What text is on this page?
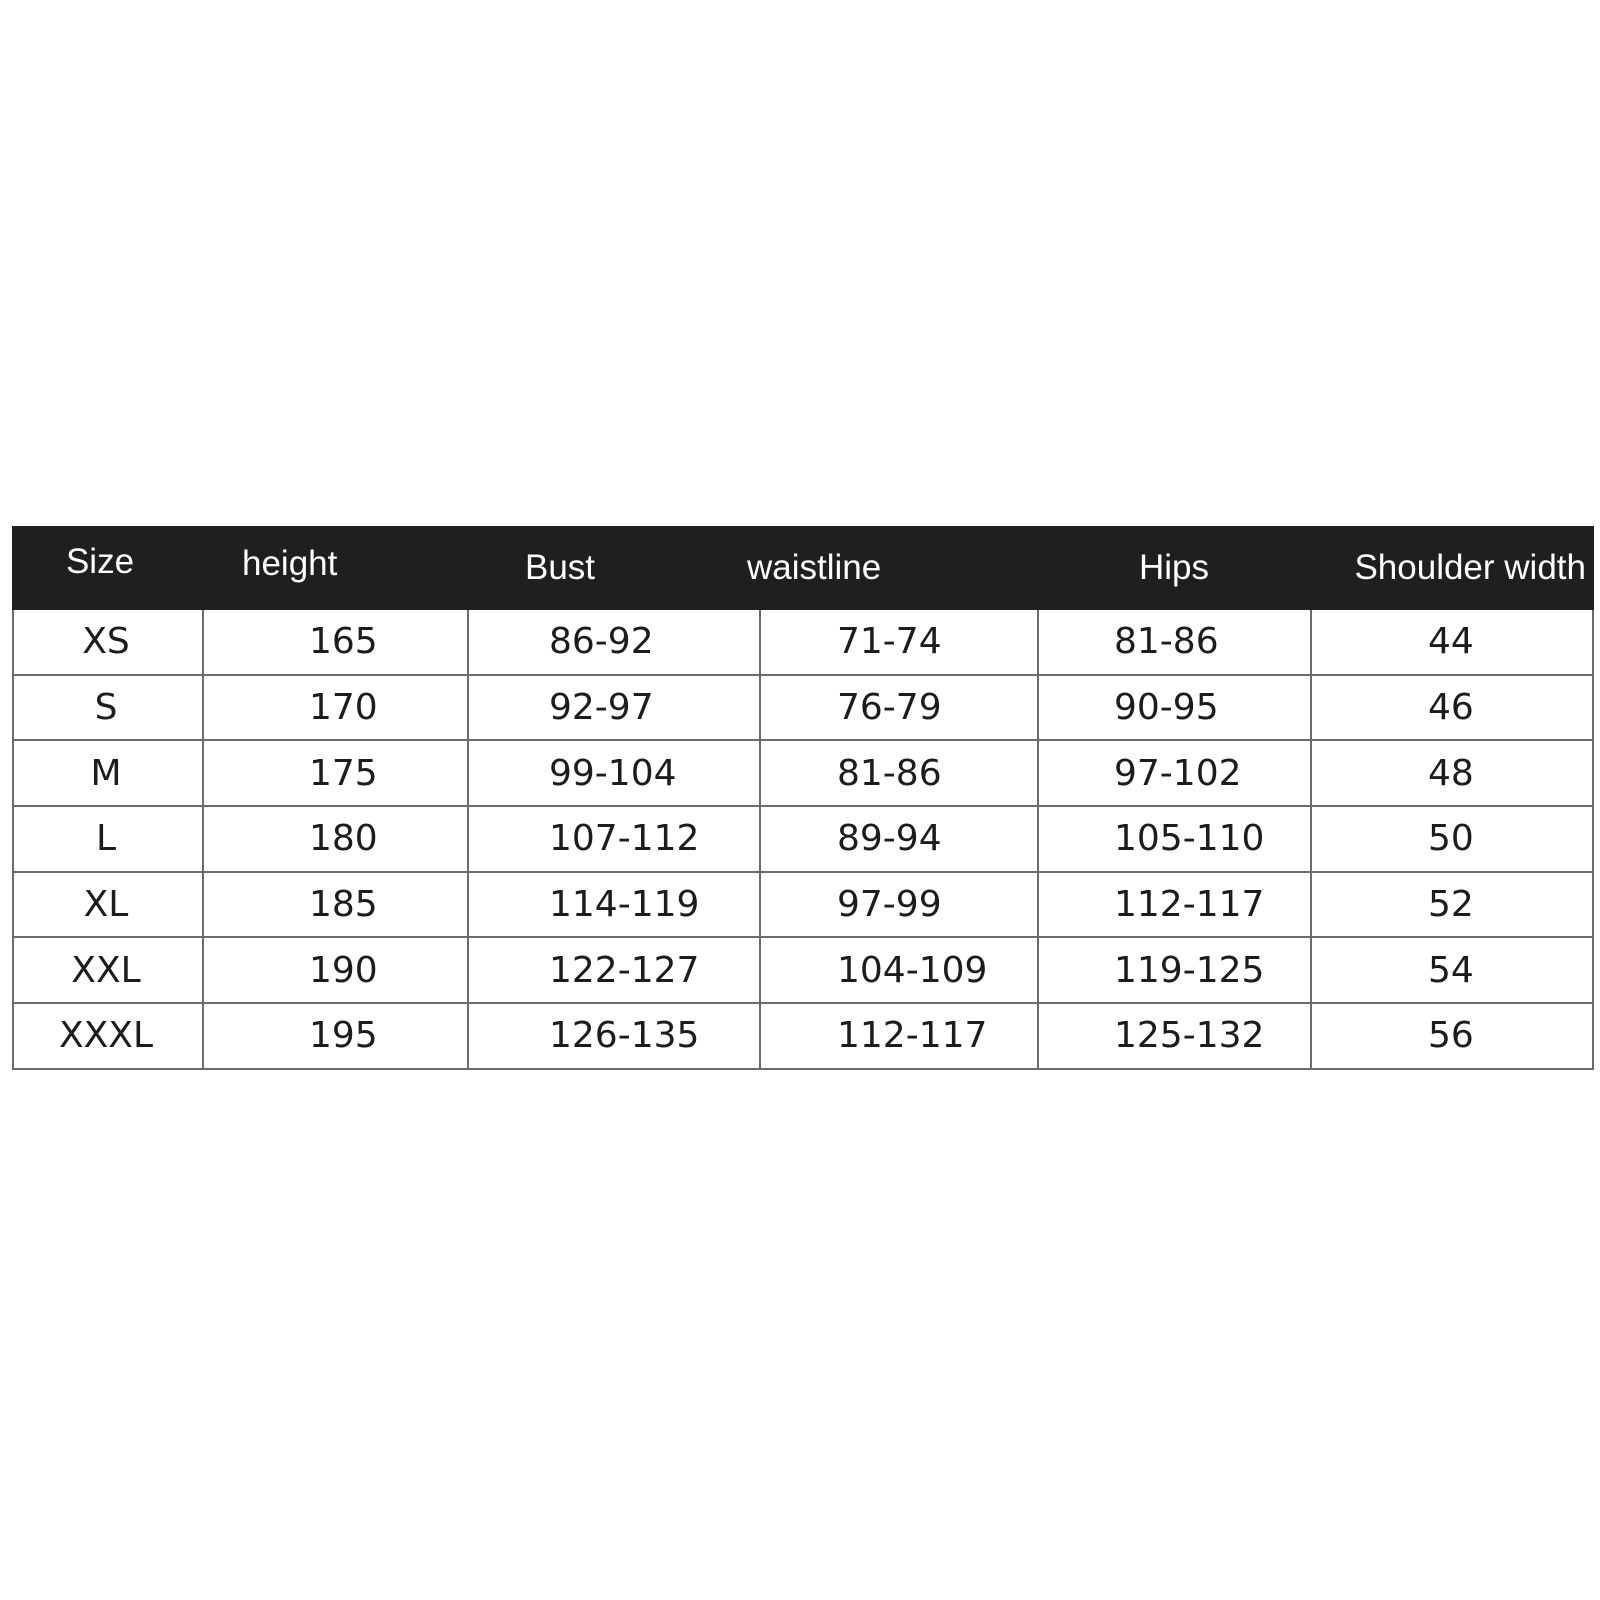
Size	height	Bust	waistline	Hips	Shoulder width
XS	165	86-92	71-74	81-86	44
S	170	92-97	76-79	90-95	46
M	175	99-104	81-86	97-102	48
L	180	107-112	89-94	105-110	50
XL	185	114-119	97-99	112-117	52
XXL	190	122-127	104-109	119-125	54
XXXL	195	126-135	112-117	125-132	56
